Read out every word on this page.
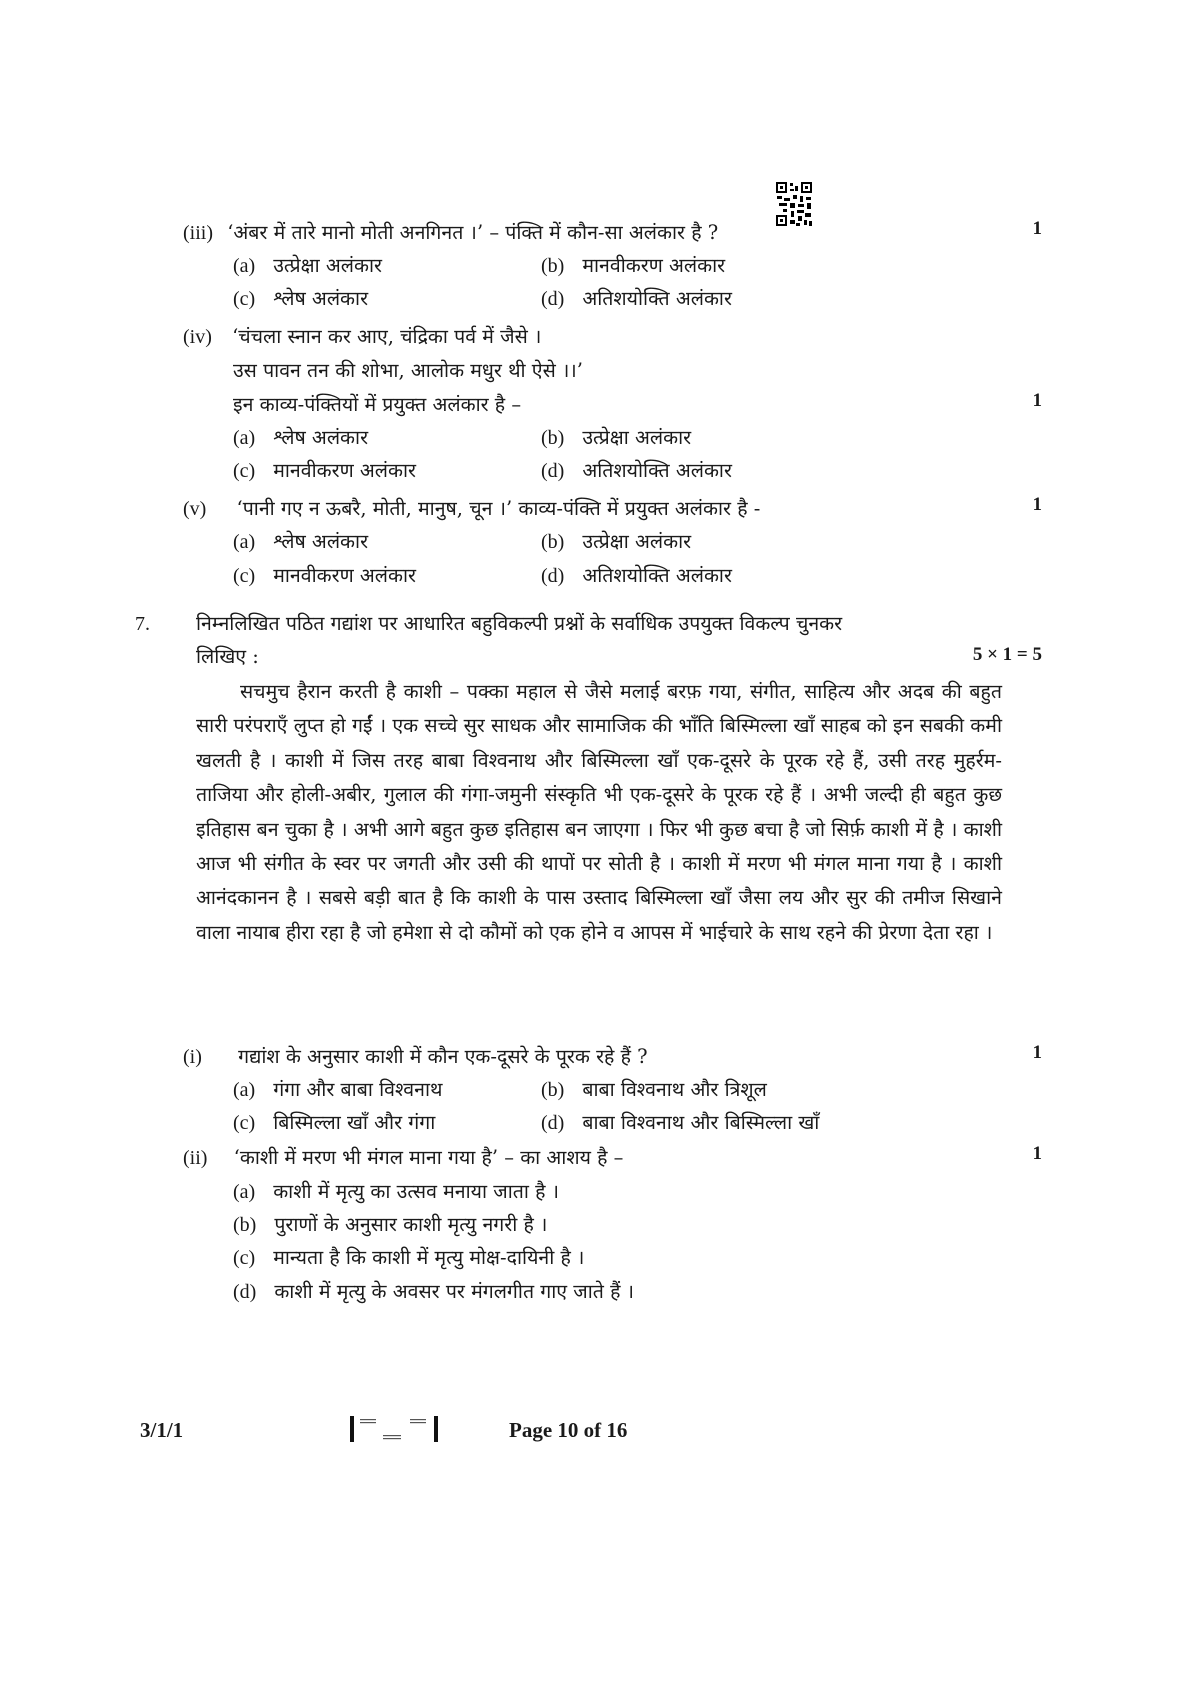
(iii) ‘अंबर में तारे मानो मोती अनगिनत ।’ – पंक्ति में कौन-सा अलंकार है ?	1
(a) उत्प्रेक्षा अलंकार	(b) मानवीकरण अलंकार
(c) श्लेष अलंकार	(d) अतिशयोक्ति अलंकार
(iv) ‘चंचला स्नान कर आए, चंद्रिका पर्व में जैसे ।
उस पावन तन की शोभा, आलोक मधुर थी ऐसे ।।’
इन काव्य-पंक्तियों में प्रयुक्त अलंकार है –	1
(a) श्लेष अलंकार	(b) उत्प्रेक्षा अलंकार
(c) मानवीकरण अलंकार	(d) अतिशयोक्ति अलंकार
(v) ‘पानी गए न ऊबरै, मोती, मानुष, चून ।’ काव्य-पंक्ति में प्रयुक्त अलंकार है -	1
(a) श्लेष अलंकार	(b) उत्प्रेक्षा अलंकार
(c) मानवीकरण अलंकार	(d) अतिशयोक्ति अलंकार
7. निम्नलिखित पठित गद्यांश पर आधारित बहुविकल्पी प्रश्नों के सर्वाधिक उपयुक्त विकल्प चुनकर
लिखिए :	5 × 1 = 5
सचमुच हैरान करती है काशी – पक्का महाल से जैसे मलाई बरफ़ गया, संगीत, साहित्य और अदब की बहुत सारी परंपराएँ लुप्त हो गईं । एक सच्चे सुर साधक और सामाजिक की भाँति बिस्मिल्ला खाँ साहब को इन सबकी कमी खलती है । काशी में जिस तरह बाबा विश्वनाथ और बिस्मिल्ला खाँ एक-दूसरे के पूरक रहे हैं, उसी तरह मुहर्रम-ताजिया और होली-अबीर, गुलाल की गंगा-जमुनी संस्कृति भी एक-दूसरे के पूरक रहे हैं । अभी जल्दी ही बहुत कुछ इतिहास बन चुका है । अभी आगे बहुत कुछ इतिहास बन जाएगा । फिर भी कुछ बचा है जो सिर्फ़ काशी में है । काशी आज भी संगीत के स्वर पर जगती और उसी की थापों पर सोती है । काशी में मरण भी मंगल माना गया है । काशी आनंदकानन है । सबसे बड़ी बात है कि काशी के पास उस्ताद बिस्मिल्ला खाँ जैसा लय और सुर की तमीज सिखाने वाला नायाब हीरा रहा है जो हमेशा से दो कौमों को एक होने व आपस में भाईचारे के साथ रहने की प्रेरणा देता रहा ।
(i) गद्यांश के अनुसार काशी में कौन एक-दूसरे के पूरक रहे हैं ?	1
(a) गंगा और बाबा विश्वनाथ	(b) बाबा विश्वनाथ और त्रिशूल
(c) बिस्मिल्ला खाँ और गंगा	(d) बाबा विश्वनाथ और बिस्मिल्ला खाँ
(ii) ‘काशी में मरण भी मंगल माना गया है’ – का आशय है –	1
(a) काशी में मृत्यु का उत्सव मनाया जाता है ।
(b) पुराणों के अनुसार काशी मृत्यु नगरी है ।
(c) मान्यता है कि काशी में मृत्यु मोक्ष-दायिनी है ।
(d) काशी में मृत्यु के अवसर पर मंगलगीत गाए जाते हैं ।
3/1/1	Page 10 of 16
